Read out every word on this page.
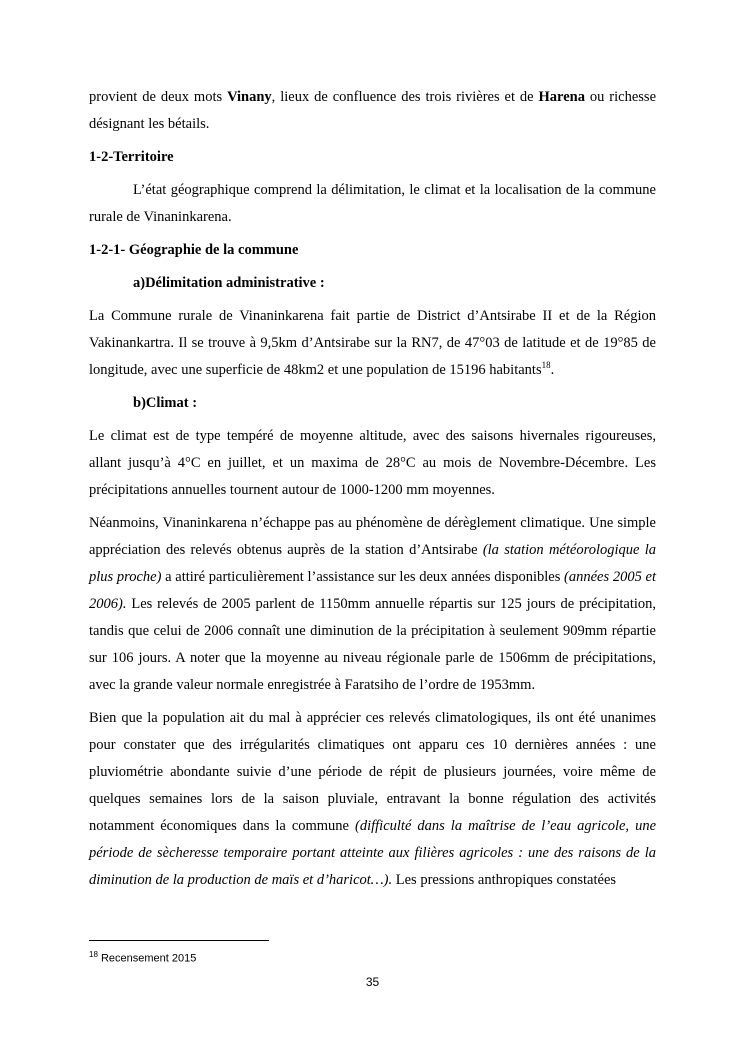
provient de deux mots Vinany, lieux de confluence des trois rivières et de Harena ou richesse désignant les bétails.

1-2-Territoire

L’état géographique comprend la délimitation, le climat et la localisation de la commune rurale de Vinaninkarena.

1-2-1- Géographie de la commune
a)Délimitation administrative :

La Commune rurale de Vinaninkarena fait partie de District d’Antsirabe II et de la Région Vakinankartra. Il se trouve à 9,5km d’Antsirabe sur la RN7, de 47°03 de latitude et de 19°85 de longitude, avec une superficie de 48km2 et une population de 15196 habitants$^{18}$.

b)Climat :

Le climat est de type tempéré de moyenne altitude, avec des saisons hivernales rigoureuses, allant jusqu’à 4°C en juillet, et un maxima de 28°C au mois de Novembre-Décembre. Les précipitations annuelles tournent autour de 1000-1200 mm moyennes.

Néanmoins, Vinaninkarena n’échappe pas au phénomène de dérèglement climatique. Une simple appréciation des relevés obtenus auprès de la station d’Antsirabe (la station météorologique la plus proche) a attiré particulièrement l’assistance sur les deux années disponibles (années 2005 et 2006). Les relevés de 2005 parlent de 1150mm annuelle répartis sur 125 jours de précipitation, tandis que celui de 2006 connaît une diminution de la précipitation à seulement 909mm répartie sur 106 jours. A noter que la moyenne au niveau régionale parle de 1506mm de précipitations, avec la grande valeur normale enregistrée à Faratsiho de l’ordre de 1953mm.

Bien que la population ait du mal à apprécier ces relevés climatologiques, ils ont été unanimes pour constater que des irrégularités climatiques ont apparu ces 10 dernières années : une pluviométrie abondante suivie d’une période de répit de plusieurs journées, voire même de quelques semaines lors de la saison pluviale, entravant la bonne régulation des activités notamment économiques dans la commune (difficulté dans la maîtrise de l’eau agricole, une période de sècheresse temporaire portant atteinte aux filières agricoles : une des raisons de la diminution de la production de maïs et d’haricot…). Les pressions anthropiques constatées

$^{18}$ Recensement 2015
35
